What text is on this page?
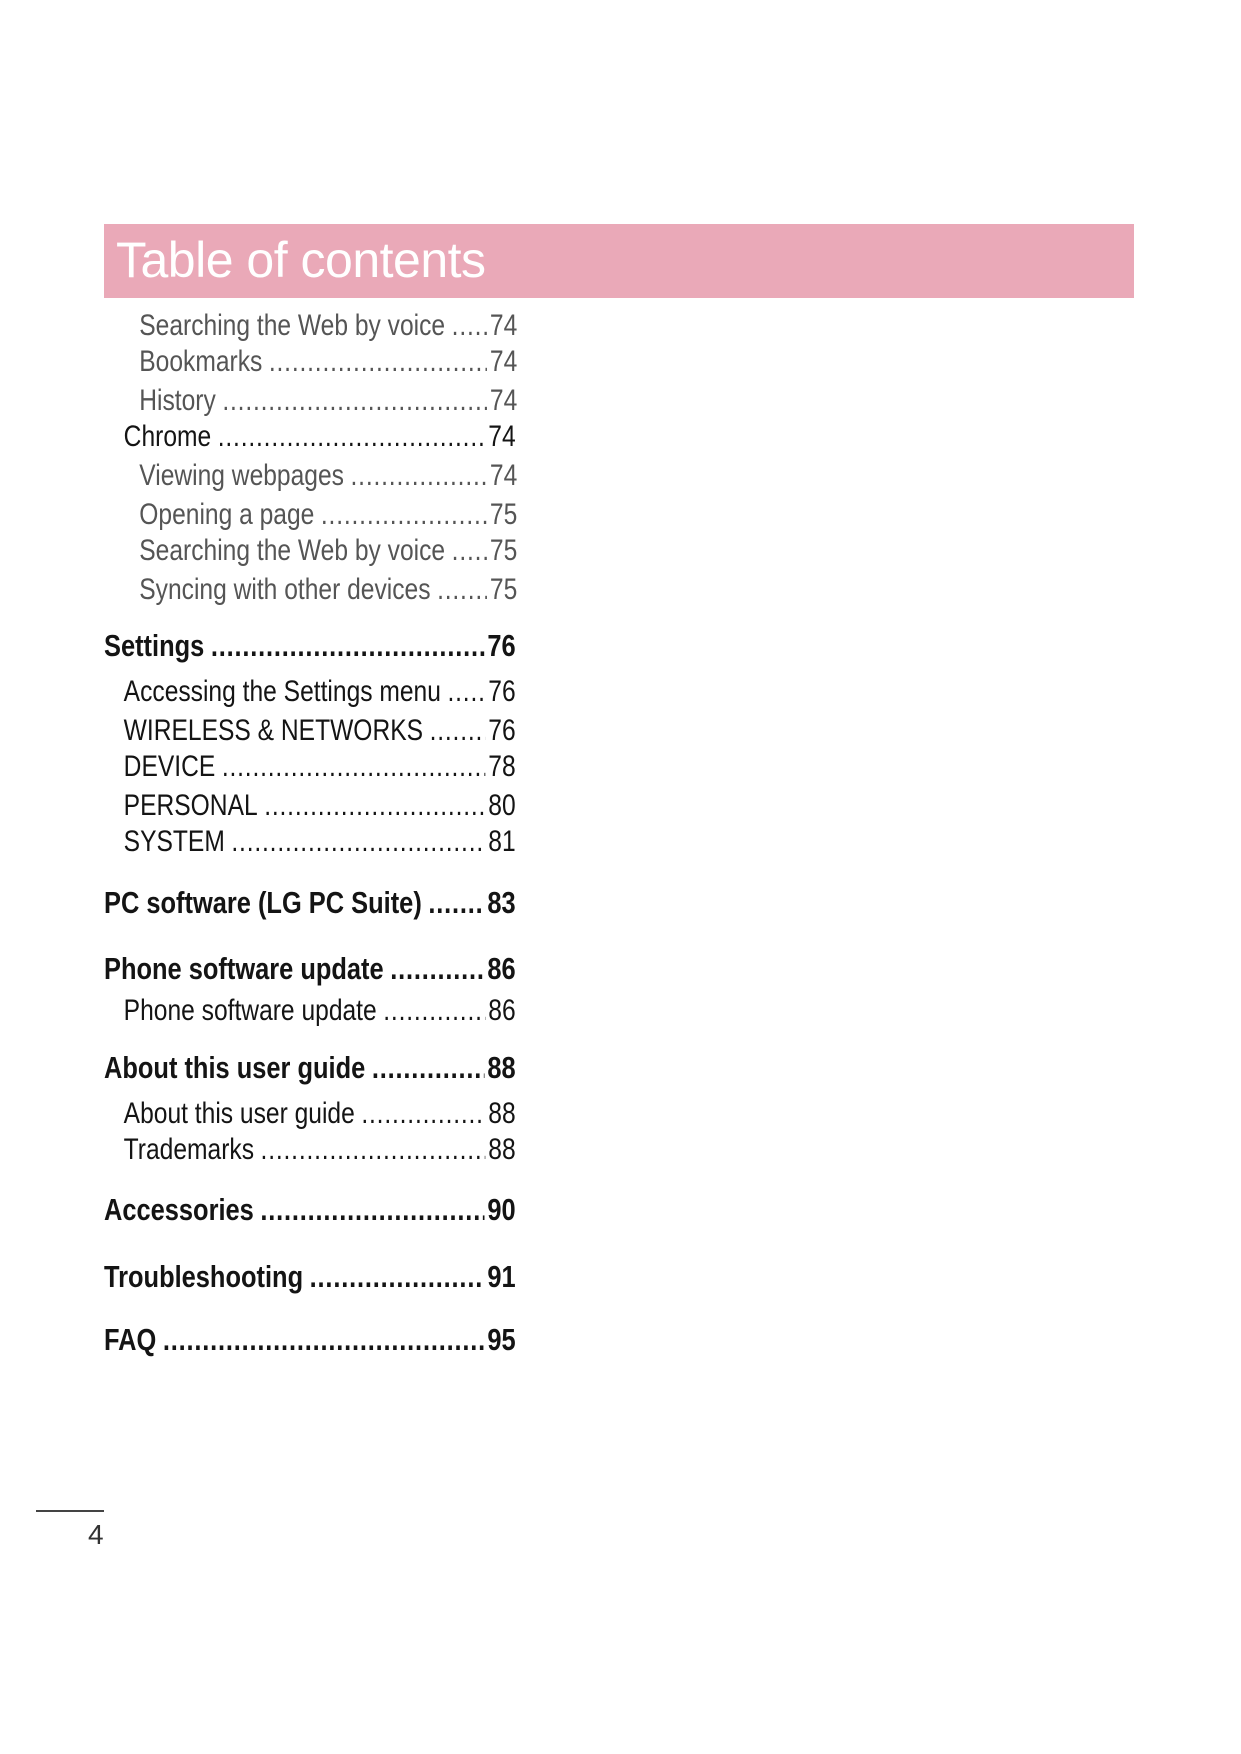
Table of contents
Searching the Web by voice ..... 74
Bookmarks .....	74
History .....	74
Chrome .....	74
Viewing webpages .....	74
Opening a page .....	75
Searching the Web by voice ..... 75
Syncing with other devices ..... 75
Settings .....	76
Accessing the Settings menu ..... 76
WIRELESS & NETWORKS ..... 76
DEVICE .....	78
PERSONAL .....	80
SYSTEM .....	81
PC software (LG PC Suite) ..... 83
Phone software update .....	86
Phone software update .....	86
About this user guide .....	88
About this user guide .....	88
Trademarks .....	88
Accessories .....	90
Troubleshooting .....	91
FAQ .....	95
4
